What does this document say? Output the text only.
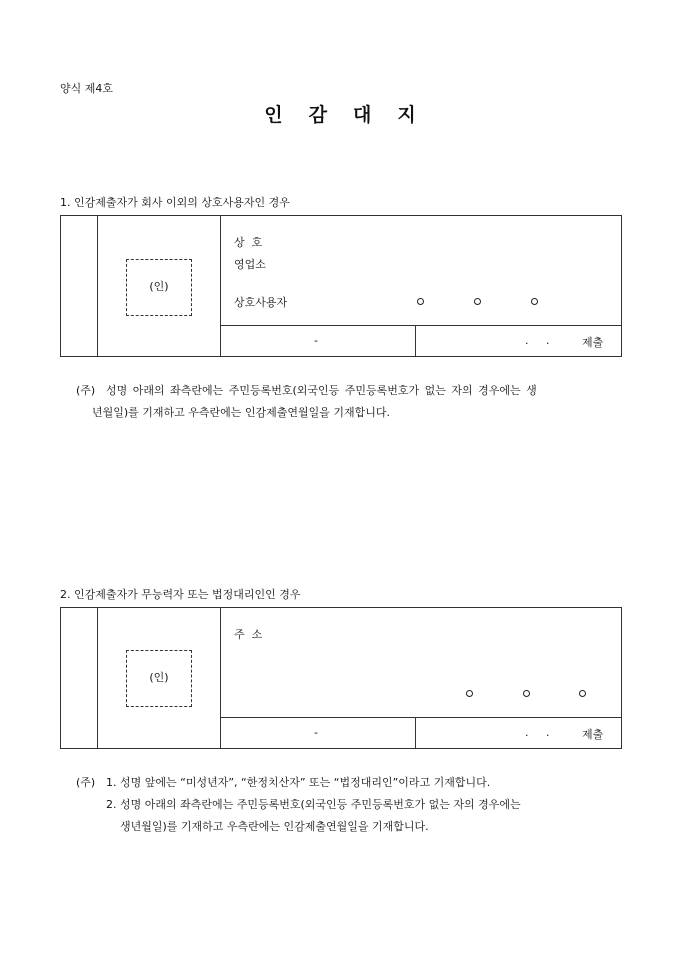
양식 제4호
인 감 대 지
1. 인감제출자가 회사 이외의 상호사용자인 경우
(인)
상  호
영업소
상호사용자
-	.     .	제출
(주) 성명 아래의 좌측란에는 주민등록번호(외국인등 주민등록번호가 없는 자의 경우에는 생
년월일)를 기재하고 우측란에는 인감제출연월일을 기재합니다.
2. 인감제출자가 무능력자 또는 법정대리인인 경우
(인)
주  소
-	.     .	제출
(주) 1. 성명 앞에는 “미성년자”, “한정치산자” 또는 “법정대리인”이라고 기재합니다.
2. 성명 아래의 좌측란에는 주민등록번호(외국인등 주민등록번호가 없는 자의 경우에는
생년월일)를 기재하고 우측란에는 인감제출연월일을 기재합니다.
